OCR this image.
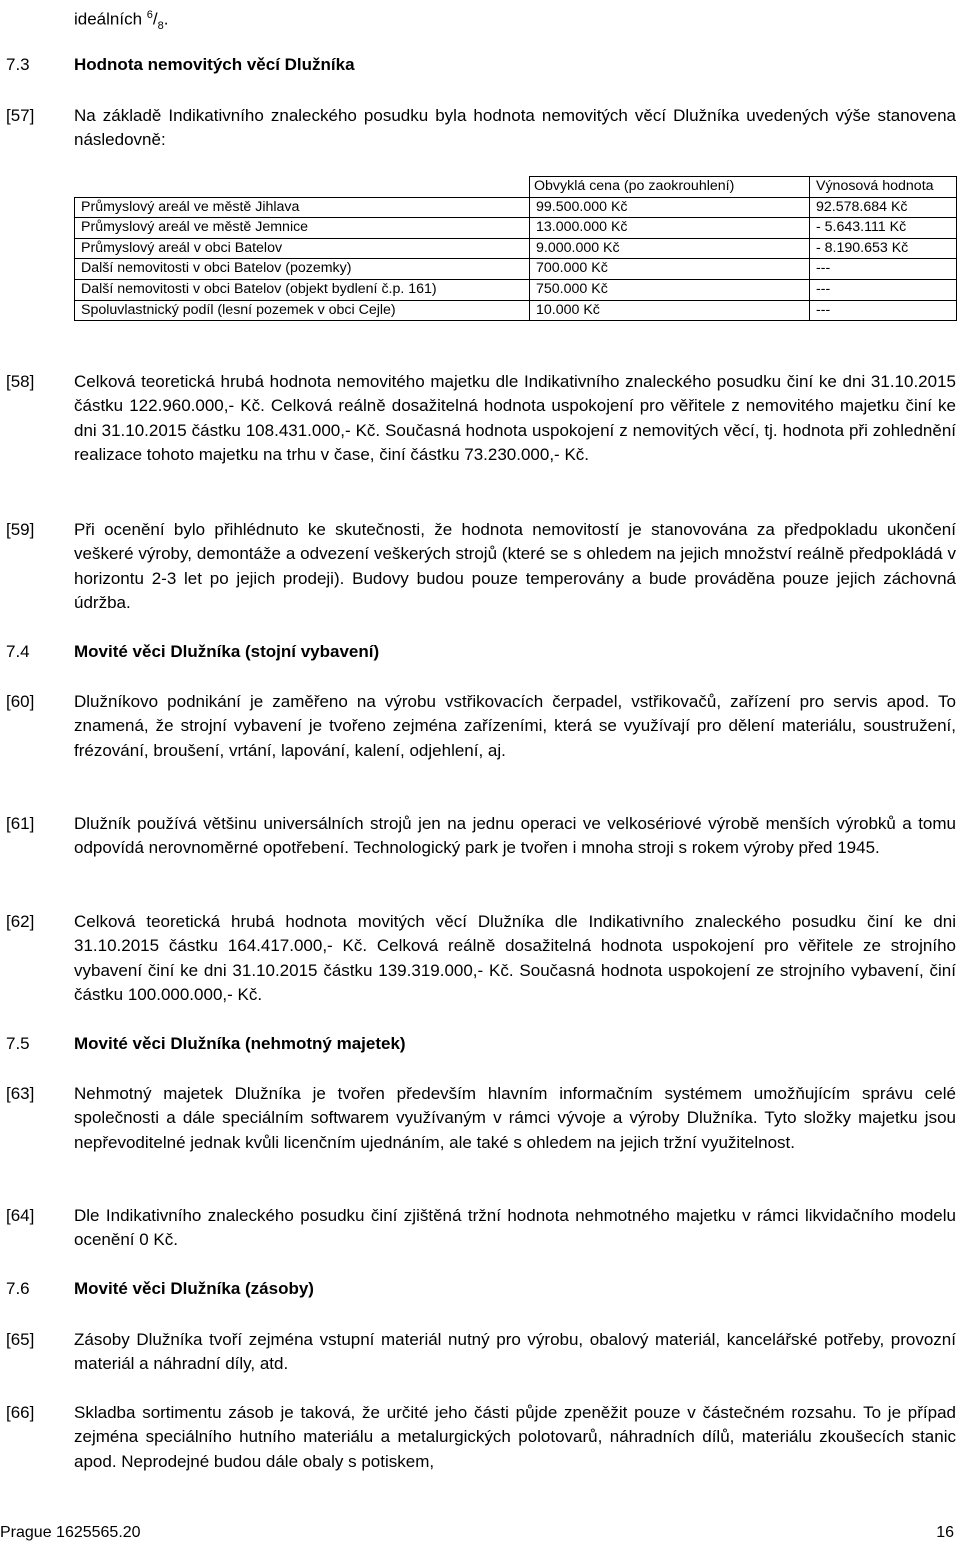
ideálních $^6/_8$.
7.3	Hodnota nemovitých věcí Dlužníka
[57] Na základě Indikativního znaleckého posudku byla hodnota nemovitých věcí Dlužníka uvedených výše stanovena následovně:
	Obvyklá cena (po zaokrouhlení)	Výnosová hodnota
Průmyslový areál ve městě Jihlava	99.500.000 Kč	92.578.684 Kč
Průmyslový areál ve městě Jemnice	13.000.000 Kč	- 5.643.111 Kč
Průmyslový areál v obci Batelov	9.000.000 Kč	- 8.190.653 Kč
Další nemovitosti v obci Batelov (pozemky)	700.000 Kč	---
Další nemovitosti v obci Batelov (objekt bydlení č.p. 161)	750.000 Kč	---
Spoluvlastnický podíl (lesní pozemek v obci Cejle)	10.000 Kč	---
[58] Celková teoretická hrubá hodnota nemovitého majetku dle Indikativního znaleckého posudku činí ke dni 31.10.2015 částku 122.960.000,- Kč. Celková reálně dosažitelná hodnota uspokojení pro věřitele z nemovitého majetku činí ke dni 31.10.2015 částku 108.431.000,- Kč. Současná hodnota uspokojení z nemovitých věcí, tj. hodnota při zohlednění realizace tohoto majetku na trhu v čase, činí částku 73.230.000,- Kč.
[59] Při ocenění bylo přihlédnuto ke skutečnosti, že hodnota nemovitostí je stanovována za předpokladu ukončení veškeré výroby, demontáže a odvezení veškerých strojů (které se s ohledem na jejich množství reálně předpokládá v horizontu 2-3 let po jejich prodeji). Budovy budou pouze temperovány a bude prováděna pouze jejich záchovná údržba.
7.4	Movité věci Dlužníka (stojní vybavení)
[60] Dlužníkovo podnikání je zaměřeno na výrobu vstřikovacích čerpadel, vstřikovačů, zařízení pro servis apod. To znamená, že strojní vybavení je tvořeno zejména zařízeními, která se využívají pro dělení materiálu, soustružení, frézování, broušení, vrtání, lapování, kalení, odjehlení, aj.
[61] Dlužník používá většinu universálních strojů jen na jednu operaci ve velkosériové výrobě menších výrobků a tomu odpovídá nerovnoměrné opotřebení. Technologický park je tvořen i mnoha stroji s rokem výroby před 1945.
[62] Celková teoretická hrubá hodnota movitých věcí Dlužníka dle Indikativního znaleckého posudku činí ke dni 31.10.2015 částku 164.417.000,- Kč. Celková reálně dosažitelná hodnota uspokojení pro věřitele ze strojního vybavení činí ke dni 31.10.2015 částku 139.319.000,- Kč. Současná hodnota uspokojení ze strojního vybavení, činí částku 100.000.000,- Kč.
7.5	Movité věci Dlužníka (nehmotný majetek)
[63] Nehmotný majetek Dlužníka je tvořen především hlavním informačním systémem umožňujícím správu celé společnosti a dále speciálním softwarem využívaným v rámci vývoje a výroby Dlužníka. Tyto složky majetku jsou nepřevoditelné jednak kvůli licenčním ujednáním, ale také s ohledem na jejich tržní využitelnost.
[64] Dle Indikativního znaleckého posudku činí zjištěná tržní hodnota nehmotného majetku v rámci likvidačního modelu ocenění 0 Kč.
7.6	Movité věci Dlužníka (zásoby)
[65] Zásoby Dlužníka tvoří zejména vstupní materiál nutný pro výrobu, obalový materiál, kancelářské potřeby, provozní materiál a náhradní díly, atd.
[66] Skladba sortimentu zásob je taková, že určité jeho části půjde zpeněžit pouze v částečném rozsahu. To je případ zejména speciálního hutního materiálu a metalurgických polotovarů, náhradních dílů, materiálu zkoušecích stanic apod. Neprodejné budou dále obaly s potiskem,
Prague 1625565.20	16
